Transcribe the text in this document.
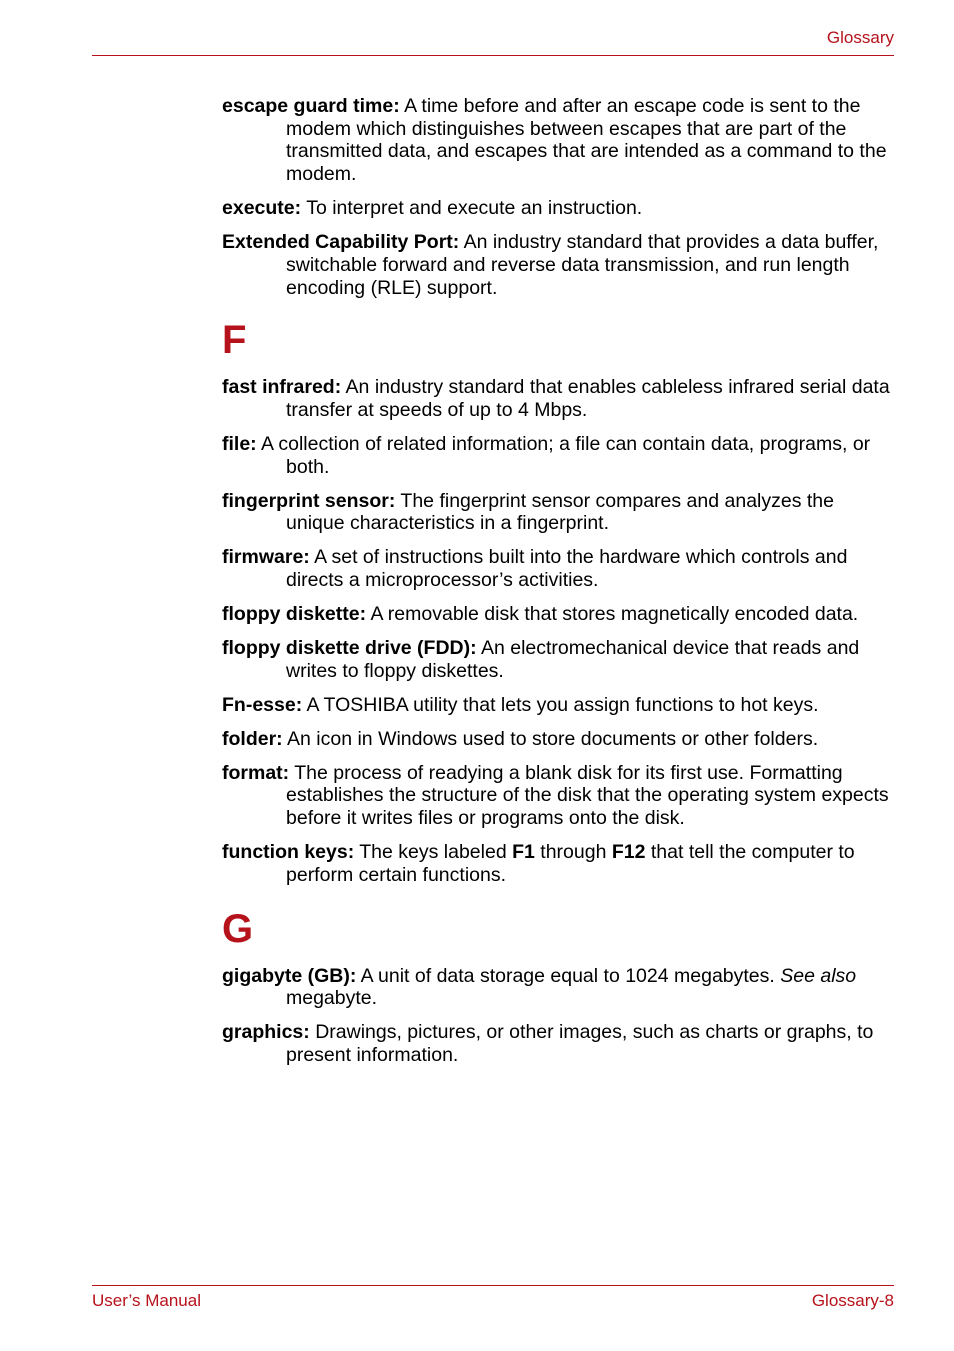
Glossary

escape guard time: A time before and after an escape code is sent to the modem which distinguishes between escapes that are part of the transmitted data, and escapes that are intended as a command to the modem.

execute: To interpret and execute an instruction.

Extended Capability Port: An industry standard that provides a data buffer, switchable forward and reverse data transmission, and run length encoding (RLE) support.

F

fast infrared: An industry standard that enables cableless infrared serial data transfer at speeds of up to 4 Mbps.

file: A collection of related information; a file can contain data, programs, or both.

fingerprint sensor: The fingerprint sensor compares and analyzes the unique characteristics in a fingerprint.

firmware: A set of instructions built into the hardware which controls and directs a microprocessor’s activities.

floppy diskette: A removable disk that stores magnetically encoded data.

floppy diskette drive (FDD): An electromechanical device that reads and writes to floppy diskettes.

Fn-esse: A TOSHIBA utility that lets you assign functions to hot keys.

folder: An icon in Windows used to store documents or other folders.

format: The process of readying a blank disk for its first use. Formatting establishes the structure of the disk that the operating system expects before it writes files or programs onto the disk.

function keys: The keys labeled F1 through F12 that tell the computer to perform certain functions.

G

gigabyte (GB): A unit of data storage equal to 1024 megabytes. See also megabyte.

graphics: Drawings, pictures, or other images, such as charts or graphs, to present information.

User’s Manual	Glossary-8
